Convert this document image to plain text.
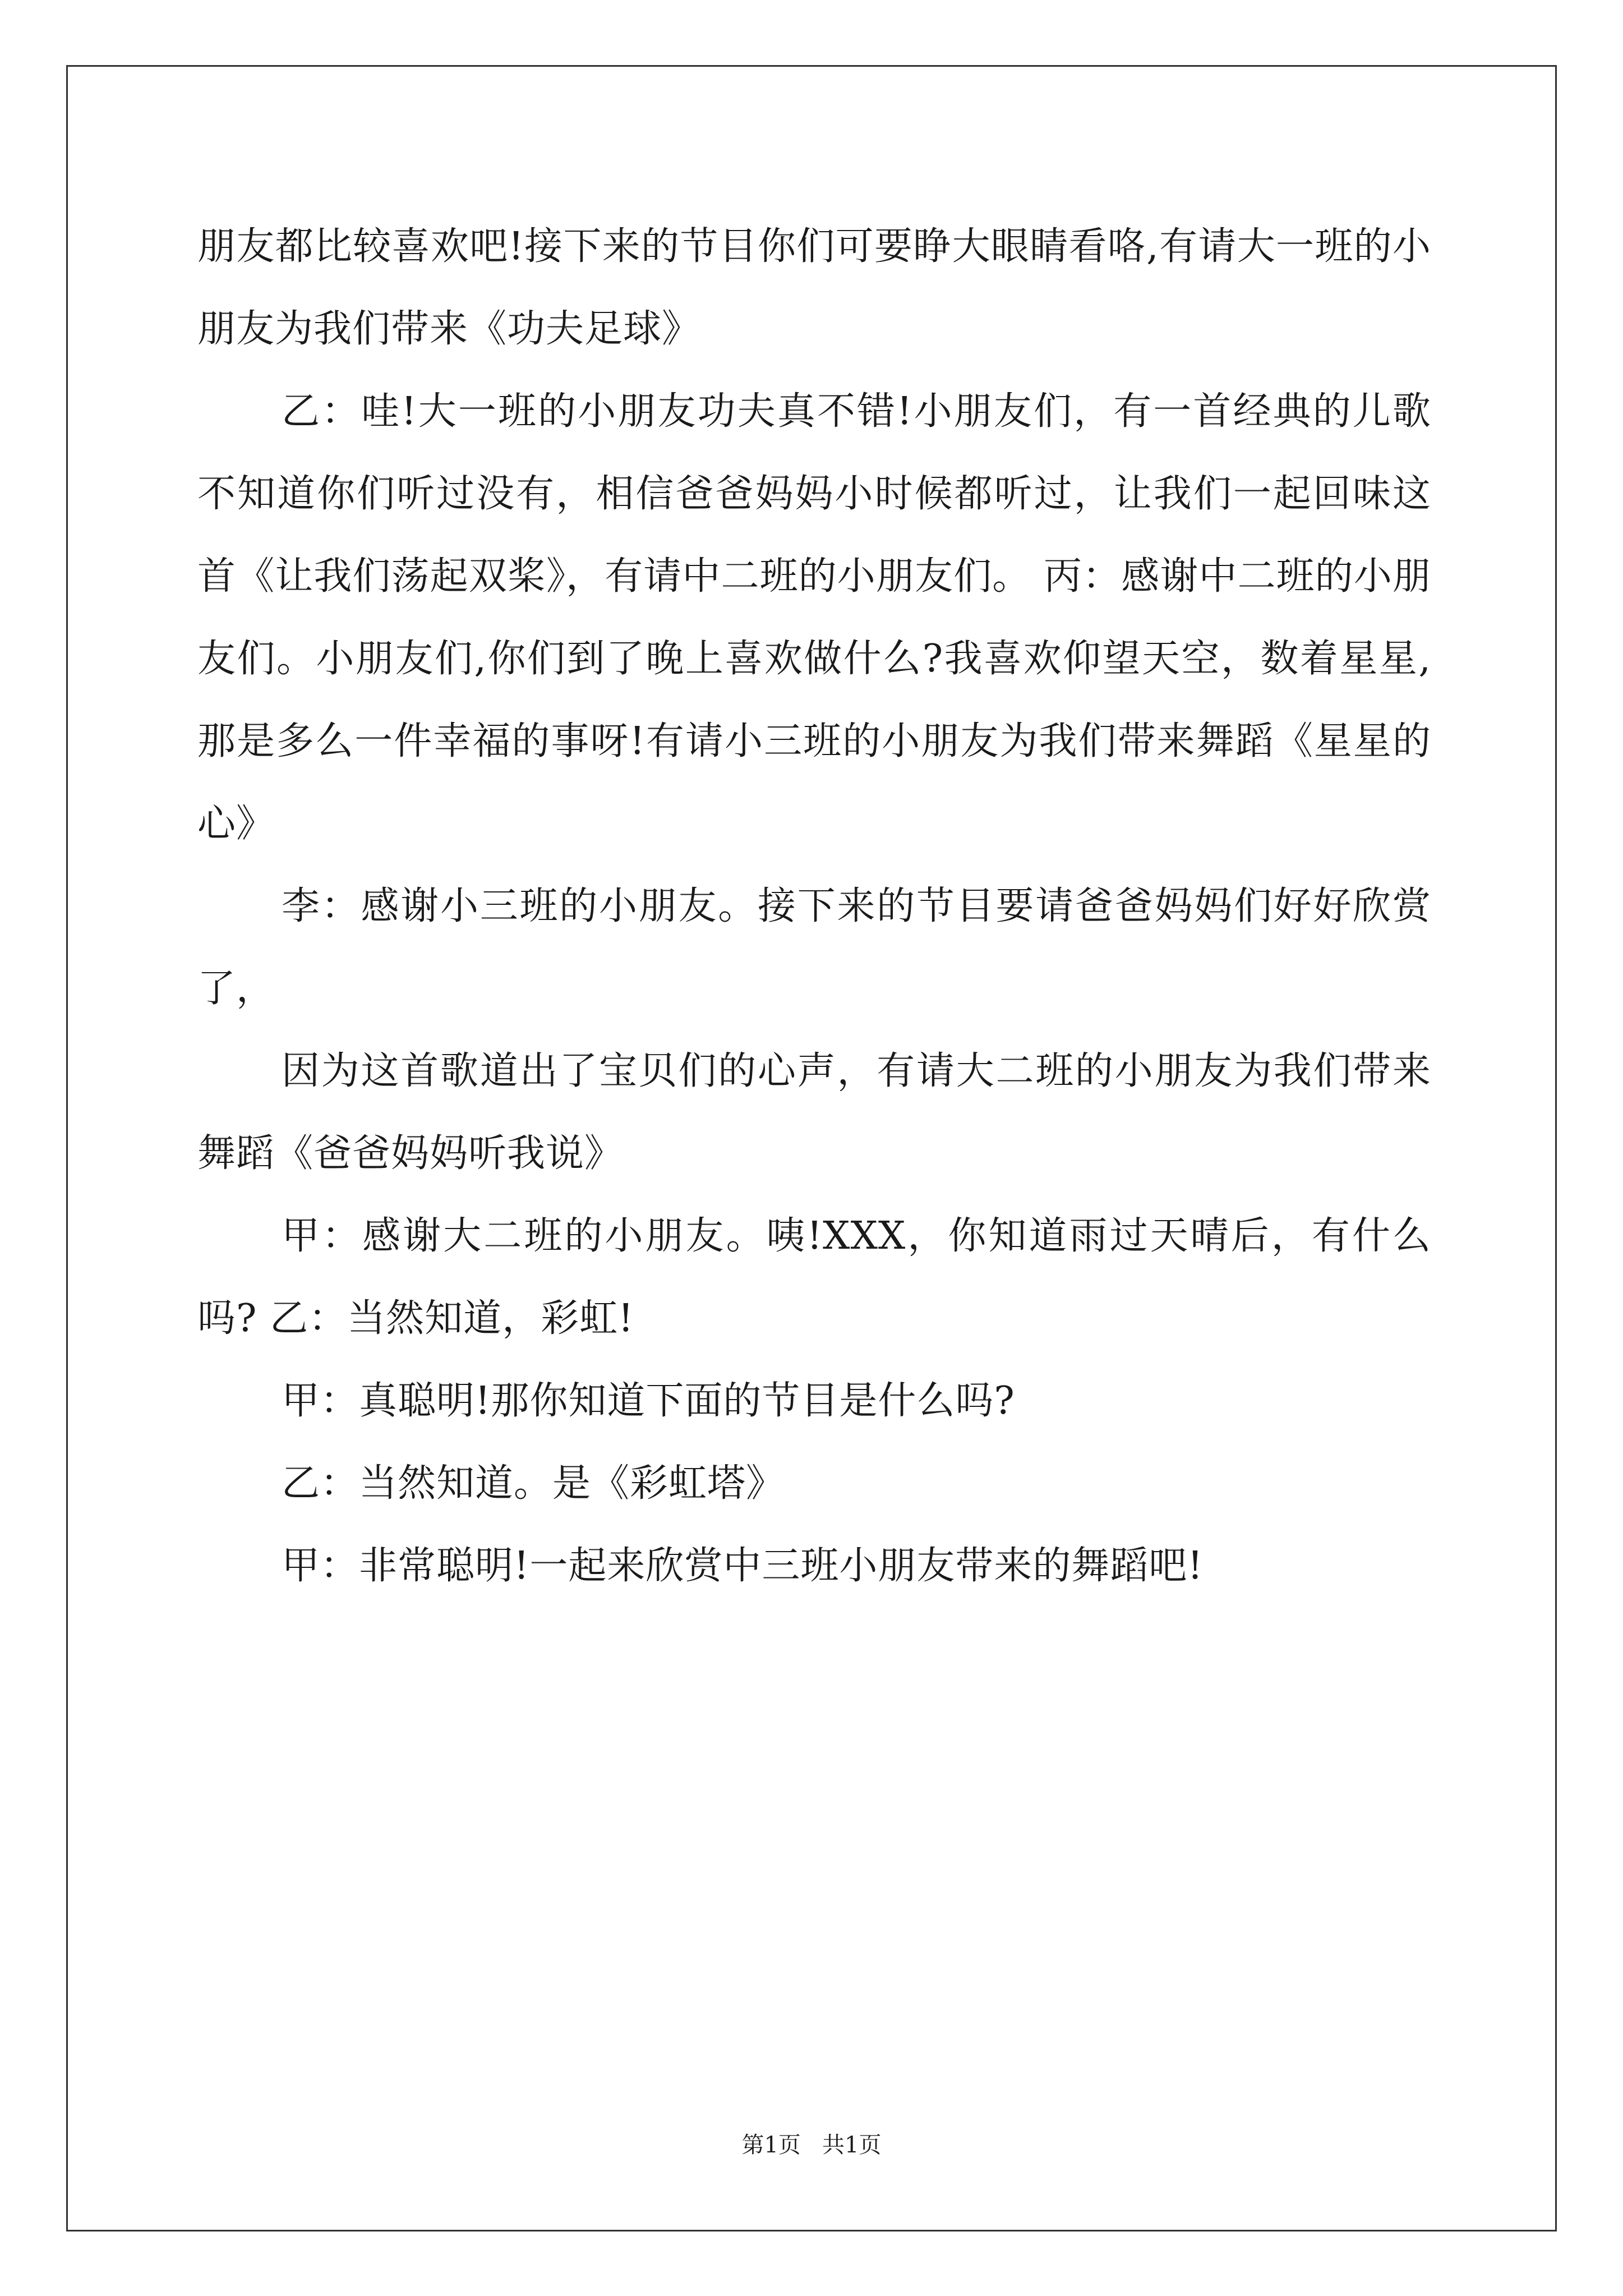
朋友都比较喜欢吧!接下来的节目你们可要睁大眼睛看咯,有请大一班的小朋友为我们带来《功夫足球》

乙：哇!大一班的小朋友功夫真不错!小朋友们，有一首经典的儿歌不知道你们听过没有，相信爸爸妈妈小时候都听过，让我们一起回味这首《让我们荡起双桨》，有请中二班的小朋友们。 丙：感谢中二班的小朋友们。小朋友们,你们到了晚上喜欢做什么?我喜欢仰望天空，数着星星,那是多么一件幸福的事呀!有请小三班的小朋友为我们带来舞蹈《星星的心》

李：感谢小三班的小朋友。接下来的节目要请爸爸妈妈们好好欣赏了，

因为这首歌道出了宝贝们的心声，有请大二班的小朋友为我们带来舞蹈《爸爸妈妈听我说》

甲：感谢大二班的小朋友。咦!XXX，你知道雨过天晴后，有什么吗? 乙：当然知道，彩虹!

甲：真聪明!那你知道下面的节目是什么吗?

乙：当然知道。是《彩虹塔》

甲：非常聪明!一起来欣赏中三班小朋友带来的舞蹈吧!

第1页   共1页
